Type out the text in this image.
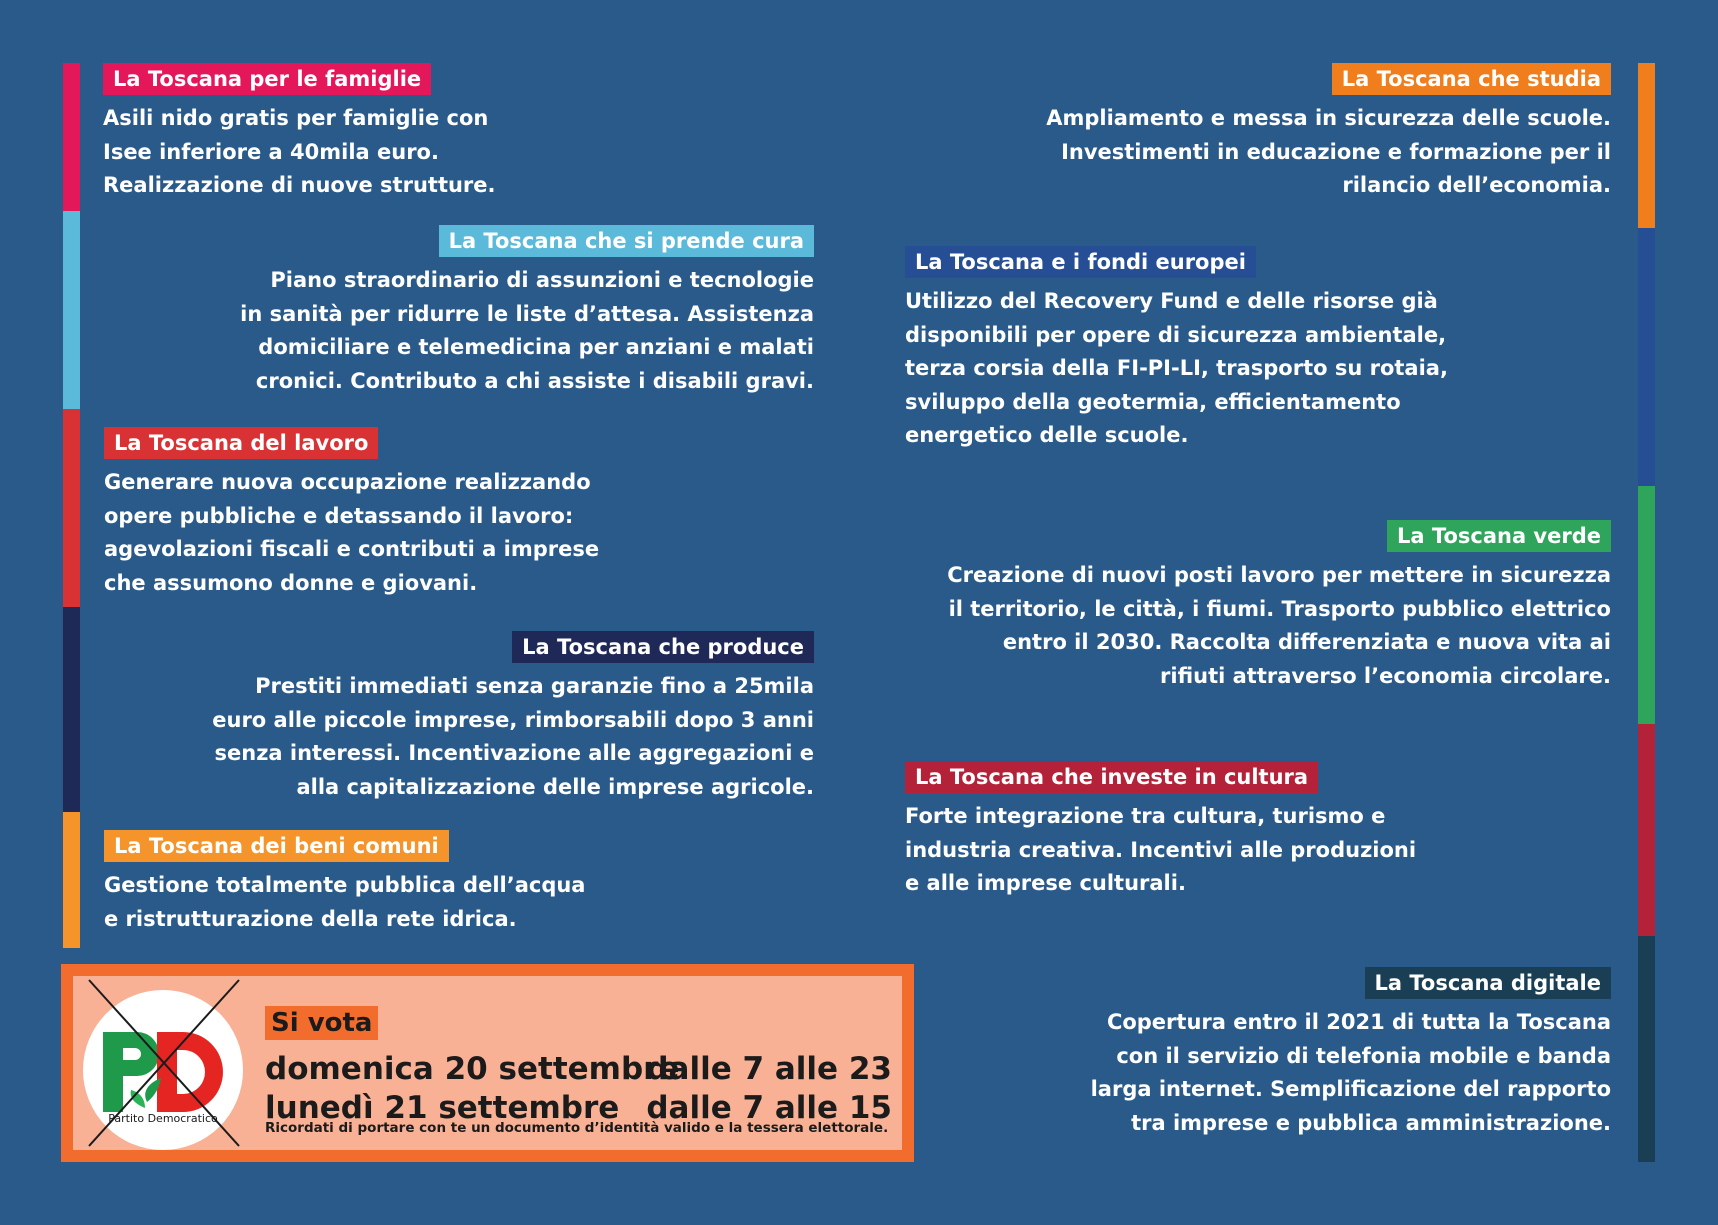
La Toscana per le famiglie
Asili nido gratis per famiglie con
Isee inferiore a 40mila euro.
Realizzazione di nuove strutture.
La Toscana che si prende cura
Piano straordinario di assunzioni e tecnologie
in sanità per ridurre le liste d’attesa. Assistenza
domiciliare e telemedicina per anziani e malati
cronici. Contributo a chi assiste i disabili gravi.
La Toscana del lavoro
Generare nuova occupazione realizzando
opere pubbliche e detassando il lavoro:
agevolazioni fiscali e contributi a imprese
che assumono donne e giovani.
La Toscana che produce
Prestiti immediati senza garanzie fino a 25mila
euro alle piccole imprese, rimborsabili dopo 3 anni
senza interessi. Incentivazione alle aggregazioni e
alla capitalizzazione delle imprese agricole.
La Toscana dei beni comuni
Gestione totalmente pubblica dell’acqua
e ristrutturazione della rete idrica.
La Toscana che studia
Ampliamento e messa in sicurezza delle scuole.
Investimenti in educazione e formazione per il
rilancio dell’economia.
La Toscana e i fondi europei
Utilizzo del Recovery Fund e delle risorse già
disponibili per opere di sicurezza ambientale,
terza corsia della FI-PI-LI, trasporto su rotaia,
sviluppo della geotermia, efficientamento
energetico delle scuole.
La Toscana verde
Creazione di nuovi posti lavoro per mettere in sicurezza
il territorio, le città, i fiumi. Trasporto pubblico elettrico
entro il 2030. Raccolta differenziata e nuova vita ai
rifiuti attraverso l’economia circolare.
La Toscana che investe in cultura
Forte integrazione tra cultura, turismo e
industria creativa. Incentivi alle produzioni
e alle imprese culturali.
La Toscana digitale
Copertura entro il 2021 di tutta la Toscana
con il servizio di telefonia mobile e banda
larga internet. Semplificazione del rapporto
tra imprese e pubblica amministrazione.
Partito Democratico
Si vota
domenica 20 settembre
dalle 7 alle 23
lunedì 21 settembre dalle 7 alle 15
Ricordati di portare con te un documento d’identità valido e la tessera elettorale.
